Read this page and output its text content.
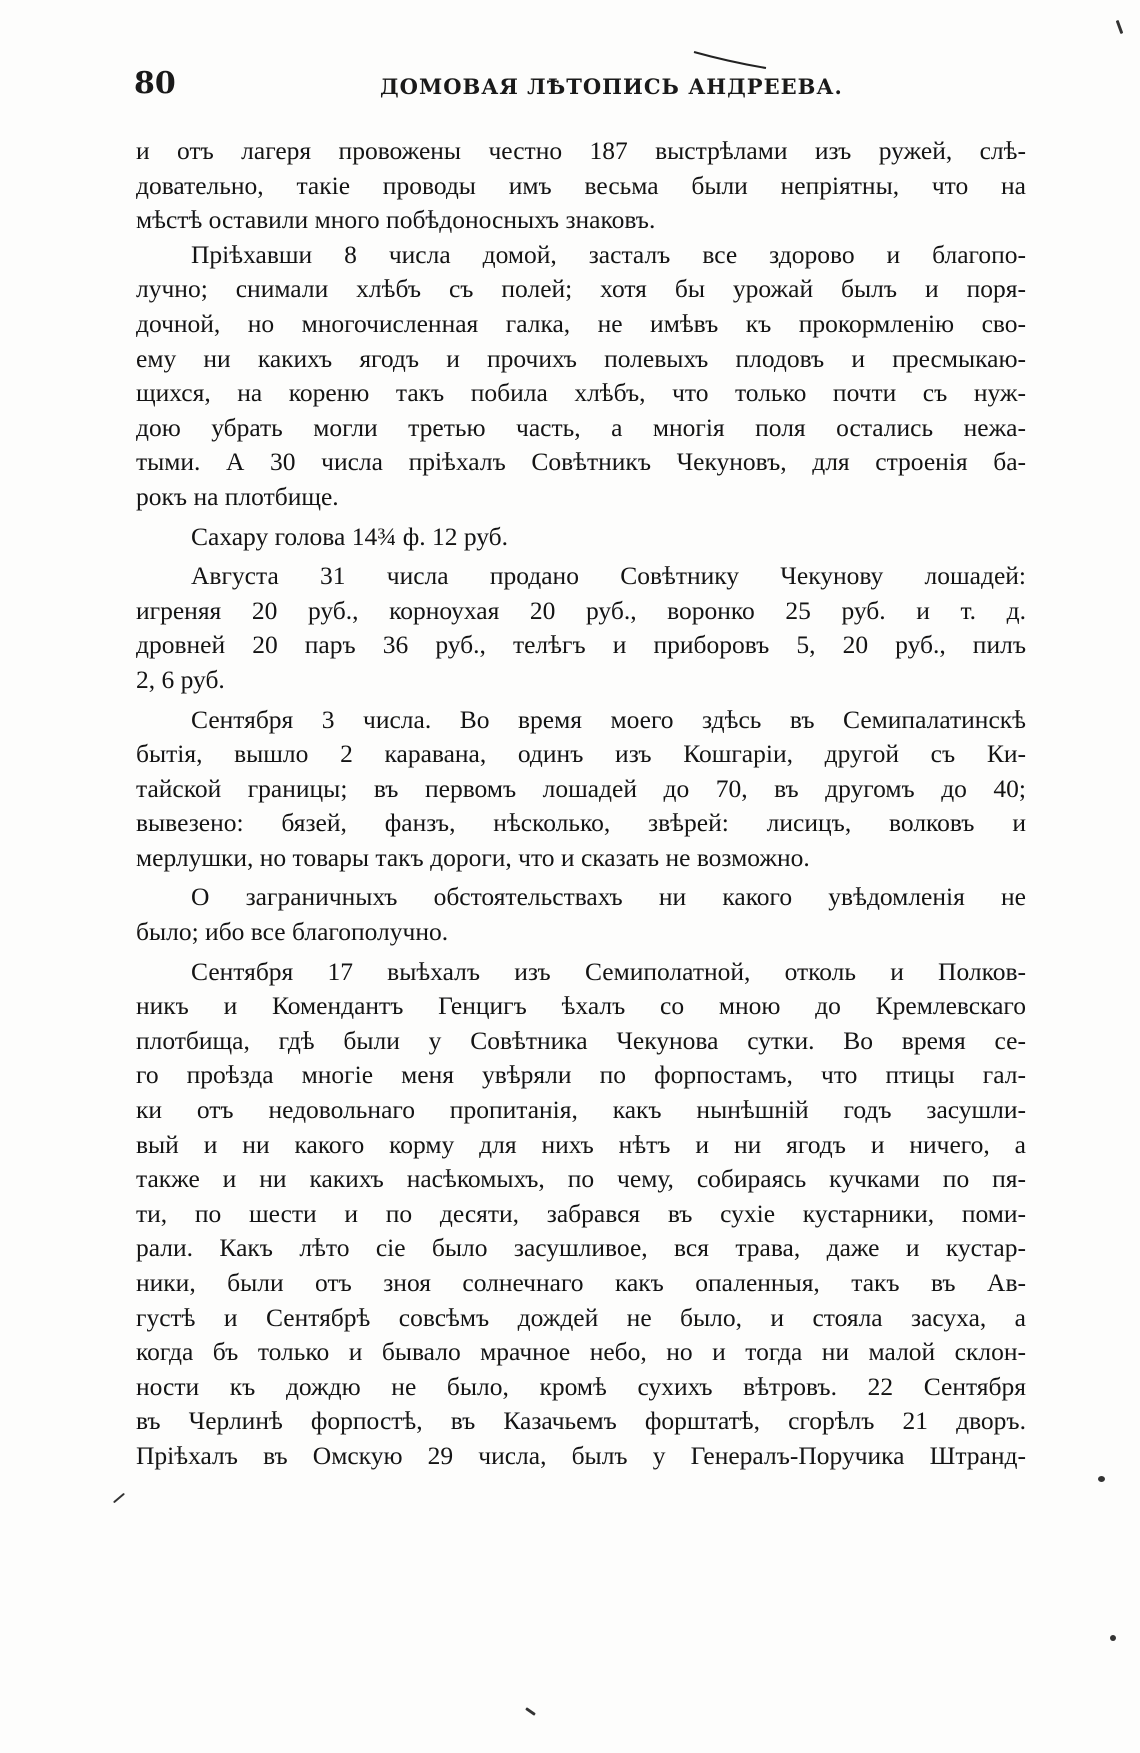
80	ДОМОВАЯ ЛѢТОПИСЬ АНДРЕЕВА.
и отъ лагеря провожены честно 187 выстрѣлами изъ ружей, слѣ-
довательно, такіе проводы имъ весьма были непріятны, что на
мѣстѣ оставили много побѣдоносныхъ знаковъ.
Пріѣхавши 8 числа домой, засталъ все здорово и благопо-
лучно; снимали хлѣбъ съ полей; хотя бы урожай былъ и поря-
дочной, но многочисленная галка, не имѣвъ къ прокормленію сво-
ему ни какихъ ягодъ и прочихъ полевыхъ плодовъ и пресмыкаю-
щихся, на кореню такъ побила хлѣбъ, что только почти съ нуж-
дою убрать могли третью часть, а многія поля остались нежа-
тыми. А 30 числа пріѣхалъ Совѣтникъ Чекуновъ, для строенія ба-
рокъ на плотбище.
Сахару голова 14¾ ф. 12 руб.
Августа 31 числа продано Совѣтнику Чекунову лошадей:
игреняя 20 руб., корноухая 20 руб., воронко 25 руб. и т. д.
дровней 20 паръ 36 руб., телѣгъ и приборовъ 5, 20 руб., пилъ
2, 6 руб.
Сентября 3 числа. Во время моего здѣсь въ Семипалатинскѣ
бытія, вышло 2 каравана, одинъ изъ Кошгаріи, другой съ Ки-
тайской границы; въ первомъ лошадей до 70, въ другомъ до 40;
вывезено: бязей, фанзъ, нѣсколько, звѣрей: лисицъ, волковъ и
мерлушки, но товары такъ дороги, что и сказать не возможно.
О заграничныхъ обстоятельствахъ ни какого увѣдомленія не
было; ибо все благополучно.
Сентября 17 выѣхалъ изъ Семиполатной, отколь и Полков-
никъ и Комендантъ Генцигъ ѣхалъ со мною до Кремлевскаго
плотбища, гдѣ были у Совѣтника Чекунова сутки. Во время се-
го проѣзда многіе меня увѣряли по форпостамъ, что птицы гал-
ки отъ недовольнаго пропитанія, какъ нынѣшній годъ засушли-
вый и ни какого корму для нихъ нѣтъ и ни ягодъ и ничего, а
также и ни какихъ насѣкомыхъ, по чему, собираясь кучками по пя-
ти, по шести и по десяти, забрався въ сухіе кустарники, поми-
рали. Какъ лѣто сіе было засушливое, вся трава, даже и кустар-
ники, были отъ зноя солнечнаго какъ опаленныя, такъ въ Ав-
густѣ и Сентябрѣ совсѣмъ дождей не было, и стояла засуха, а
когда бъ только и бывало мрачное небо, но и тогда ни малой склон-
ности къ дождю не было, кромѣ сухихъ вѣтровъ. 22 Сентября
въ Черлинѣ форпостѣ, въ Казачьемъ форштатѣ, сгорѣлъ 21 дворъ.
Пріѣхалъ въ Омскую 29 числа, былъ у Генералъ-Поручика Штранд-
